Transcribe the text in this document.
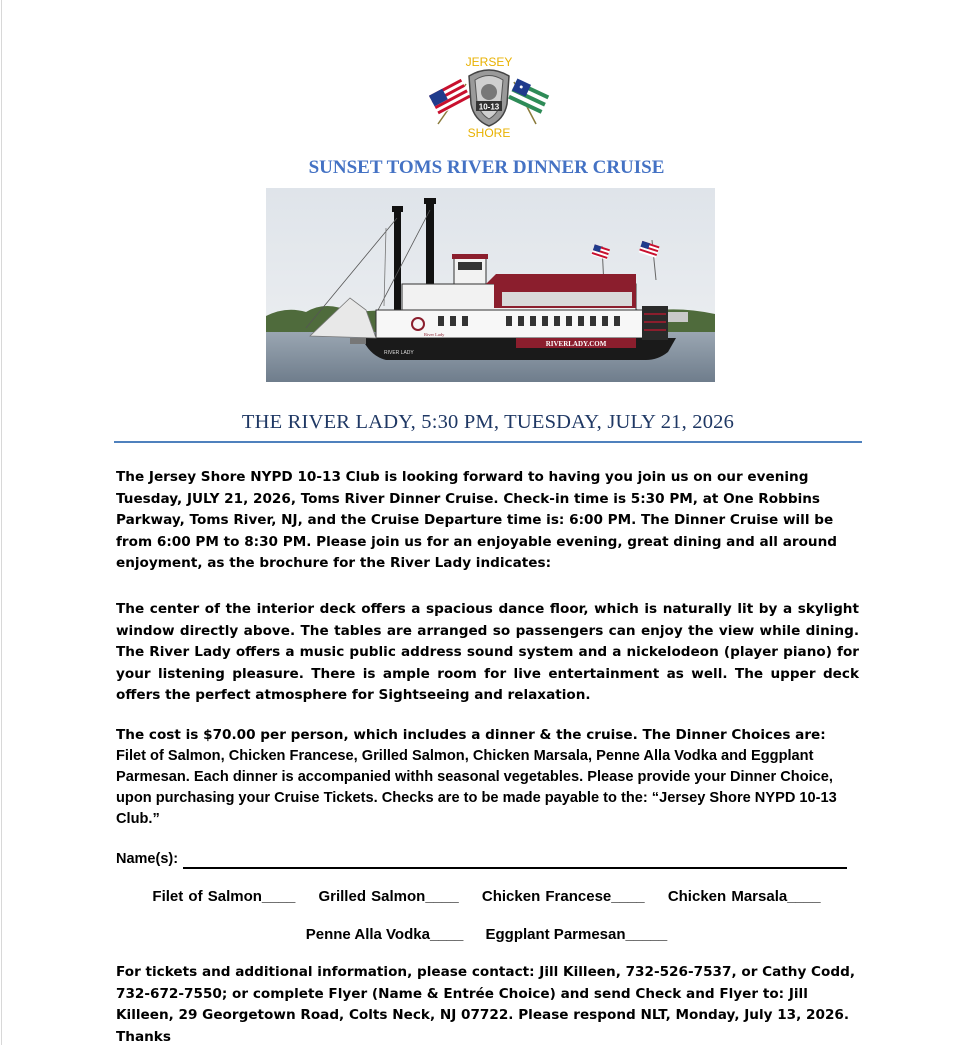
10-13
JERSEY
SHORE
SUNSET TOMS RIVER DINNER CRUISE
River Lady
RIVERLADY.COM
RIVER LADY
THE RIVER LADY, 5:30 PM, TUESDAY, JULY 21, 2026

The Jersey Shore NYPD 10-13 Club is looking forward to having you join us on our evening Tuesday, JULY 21, 2026, Toms River Dinner Cruise. Check-in time is 5:30 PM, at One Robbins Parkway, Toms River, NJ, and the Cruise Departure time is: 6:00 PM. The Dinner Cruise will be from 6:00 PM to 8:30 PM. Please join us for an enjoyable evening, great dining and all around enjoyment, as the brochure for the River Lady indicates:

The center of the interior deck offers a spacious dance floor, which is naturally lit by a skylight window directly above. The tables are arranged so passengers can enjoy the view while dining. The River Lady offers a music public address sound system and a nickelodeon (player piano) for your listening pleasure. There is ample room for live entertainment as well. The upper deck offers the perfect atmosphere for Sightseeing and relaxation.

The cost is $70.00 per person, which includes a dinner & the cruise. The Dinner Choices are:
Filet of Salmon, Chicken Francese, Grilled Salmon, Chicken Marsala, Penne Al‍la Vodka and Eggplant Parmesan. Each dinner is accompanied withh seasonal vegetables. Please provide your Dinner Choice, upon purchasing your Cruise Tickets. Checks are to be made payable to the: “Jersey Shore NYPD 10-13 Club.”

Name(s):
Filet of Salmon____ Grilled Salmon____ Chicken Francese____ Chicken Marsala____
Penne Alla Vodka____ Eggplant Parmesan_____

For tickets and additional information, please contact: Jill Killeen, 732-526-7537, or Cathy Codd, 732-672-7550; or complete Flyer (Name & Entrée Choice) and send Check and Flyer to: Jill Killeen, 29 Georgetown Road, Colts Neck, NJ 07722. Please respond NLT, Monday, July 13, 2026. Thanks
